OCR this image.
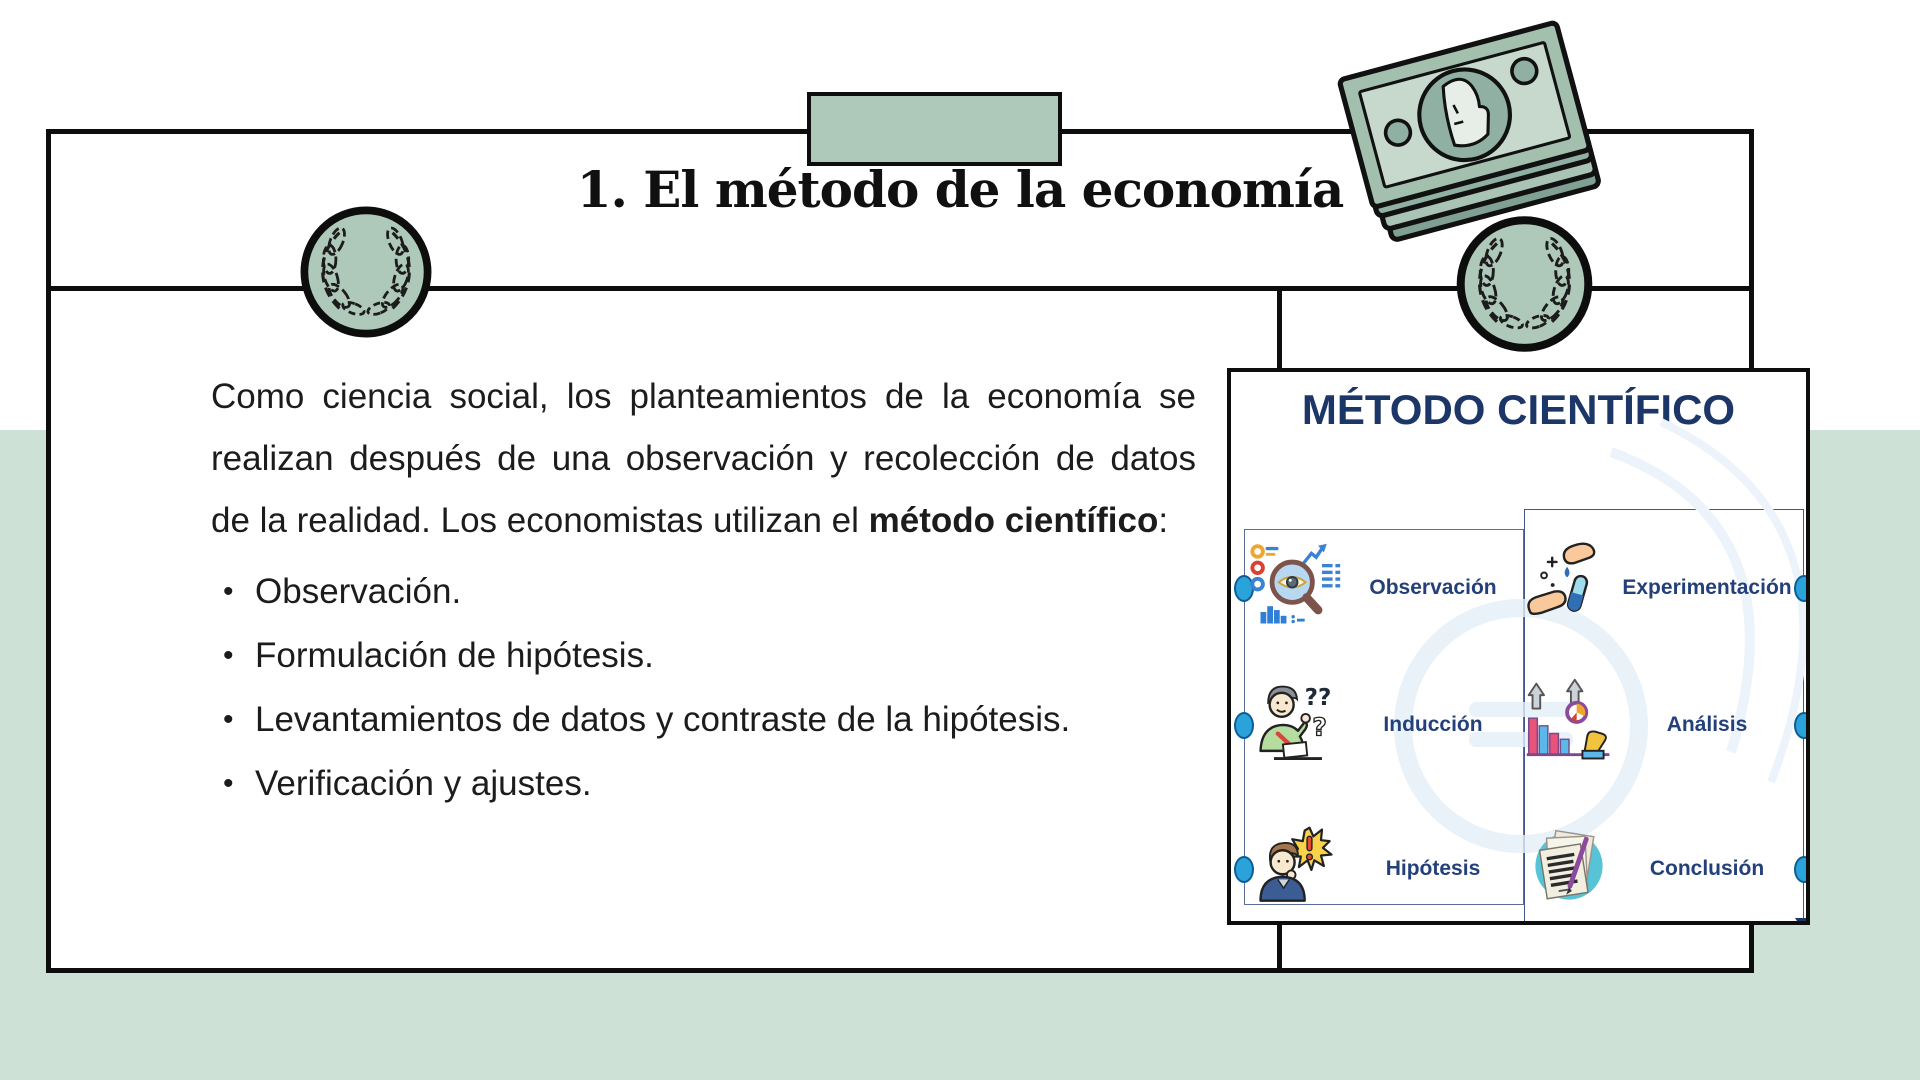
1. El método de la economía

Como ciencia social, los planteamientos de la economía se realizan después de una observación y recolección de datos de la realidad. Los economistas utilizan el método científico:

• Observación.
• Formulación de hipótesis.
• Levantamientos de datos y contraste de la hipótesis.
• Verificación y ajustes.
MÉTODO CIENTÍFICO
??
?
Observación
Inducción
Hipótesis
Experimentación
Análisis
Conclusión
